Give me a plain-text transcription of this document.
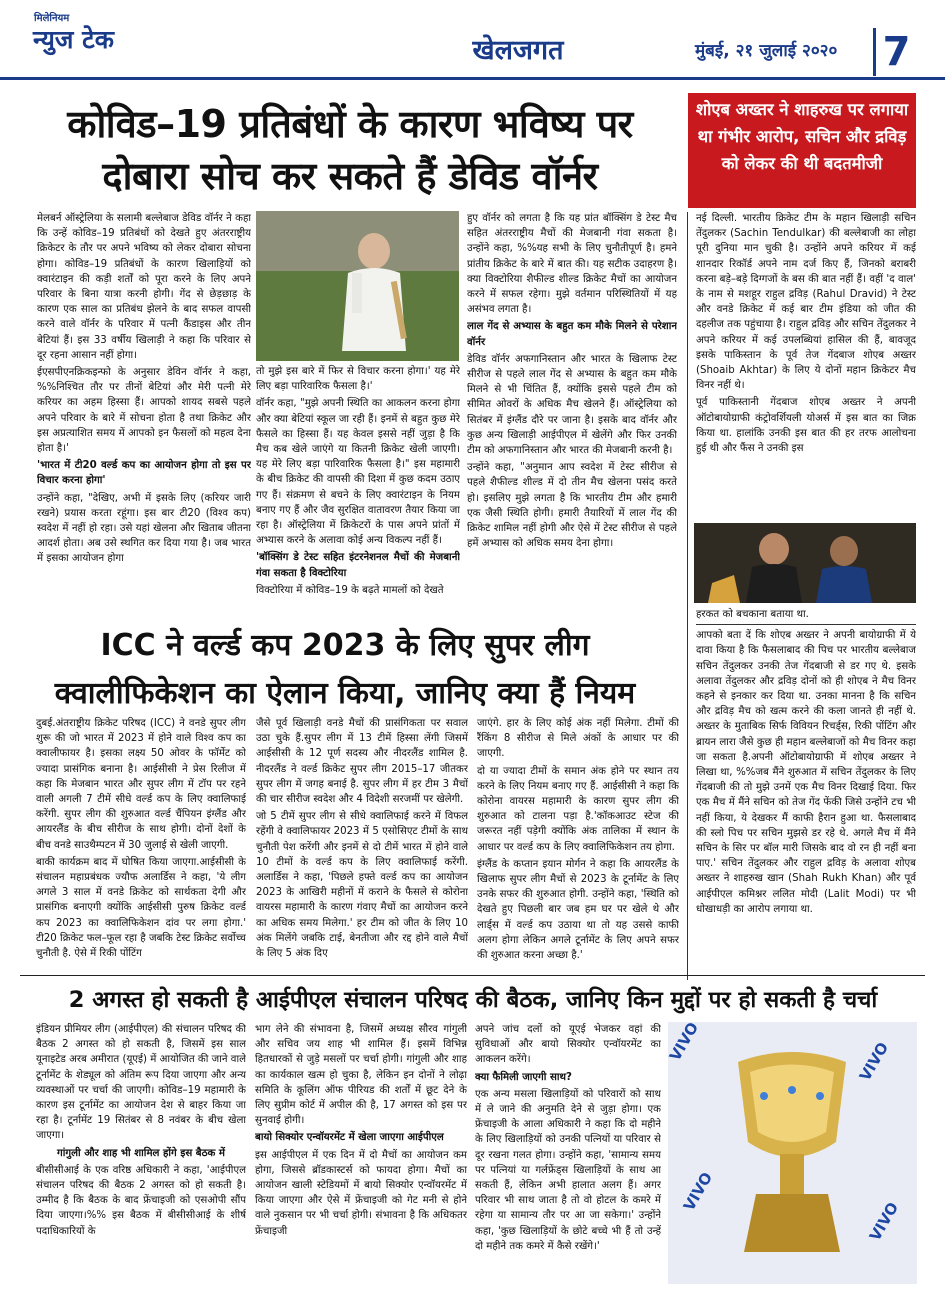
मिलेनियम
न्युज टेक	खेलजगत	मुंबई, २१ जुलाई २०२० 7
कोविड–19 प्रतिबंधों के कारण भविष्य पर
दोबारा सोच कर सकते हैं डेविड वॉर्नर
शोएब अख्तर ने शाहरुख पर लगाया था गंभीर आरोप, सचिन और द्रविड़ को लेकर की थी बदतमीजी

मेलबर्न ऑस्ट्रेलिया के सलामी बल्लेबाज डेविड वॉर्नर ने कहा कि उन्हें कोविड–19 प्रतिबंधों को देखते हुए अंतरराष्ट्रीय क्रिकेटर के तौर पर अपने भविष्य को लेकर दोबारा सोचना होगा। कोविड–19 प्रतिबंधों के कारण खिलाड़ियों को क्वारंटाइन की कड़ी शर्तों को पूरा करने के लिए अपने परिवार के बिना यात्रा करनी होगी। गेंद से छेड़छाड़ के कारण एक साल का प्रतिबंध झेलने के बाद सफल वापसी करने वाले वॉर्नर के परिवार में पत्नी कैंडाइस और तीन बेटियां हैं। इस 33 वर्षीय खिलाड़ी ने कहा कि परिवार से दूर रहना आसान नहीं होगा।

ईएसपीएनक्रिकइन्फो के अनुसार डेविन वॉर्नर ने कहा, %%निश्चित तौर पर तीनों बेटियां और मेरी पत्नी मेरे करियर का अहम हिस्सा हैं। आपको शायद सबसे पहले अपने परिवार के बारे में सोचना होता है तथा क्रिकेट और इस अप्रत्याशित समय में आपको इन फैसलों को महत्व देना होता है।'

'भारत में टी20 वर्ल्ड कप का आयोजन होगा तो इस पर विचार करना होगा'

उन्होंने कहा, "देखिए, अभी में इसके लिए (करियर जारी रखने) प्रयास करता रहूंगा। इस बार टी20 (विश्व कप) स्वदेश में नहीं हो रहा। उसे यहां खेलना और खिताब जीतना आदर्श होता। अब उसे स्थगित कर दिया गया है। जब भारत में इसका आयोजन होगा

तो मुझे इस बारे में फिर से विचार करना होगा।' यह मेरे लिए बड़ा पारिवारिक फैसला है।'

वॉर्नर कहा, "मुझे अपनी स्थिति का आकलन करना होगा और क्या बेटियां स्कूल जा रही हैं। इनमें से बहुत कुछ मेरे फैसले का हिस्सा हैं। यह केवल इससे नहीं जुड़ा है कि मैच कब खेले जाएंगे या कितनी क्रिकेट खेली जाएगी। यह मेरे लिए बड़ा पारिवारिक फैसला है।" इस महामारी के बीच क्रिकेट की वापसी की दिशा में कुछ कदम उठाए गए हैं। संक्रमण से बचने के लिए क्वारंटाइन के नियम बनाए गए हैं और जैव सुरक्षित वातावरण तैयार किया जा रहा है। ऑस्ट्रेलिया में क्रिकेटरों के पास अपने प्रांतों में अभ्यास करने के अलावा कोई अन्य विकल्प नहीं हैं।

'बॉक्सिंग डे टेस्ट सहित इंटरनेशनल मैचों की मेजबानी गंवा सकता है विक्टोरिया

विक्टोरिया में कोविड–19 के बढ़ते मामलों को देखते

हुए वॉर्नर को लगता है कि यह प्रांत बॉक्सिंग डे टेस्ट मैच सहित अंतरराष्ट्रीय मैचों की मेजबानी गंवा सकता है। उन्होंने कहा, %%यह सभी के लिए चुनौतीपूर्ण है। हमने प्रांतीय क्रिकेट के बारे में बात की। यह सटीक उदाहरण है। क्या विक्टोरिया शैफील्ड शील्ड क्रिकेट मैचों का आयोजन करने में सफल रहेगा। मुझे वर्तमान परिस्थितियों में यह असंभव लगता है।

लाल गेंद से अभ्यास के बहुत कम मौके मिलने से परेशान वॉर्नर

डेविड वॉर्नर अफगानिस्तान और भारत के खिलाफ टेस्ट सीरीज से पहले लाल गेंद से अभ्यास के बहुत कम मौके मिलने से भी चिंतित हैं, क्योंकि इससे पहले टीम को सीमित ओवरों के अधिक मैच खेलने हैं। ऑस्ट्रेलिया को सितंबर में इंग्लैंड दौरे पर जाना है। इसके बाद वॉर्नर और कुछ अन्य खिलाड़ी आईपीएल में खेलेंगे और फिर उनकी टीम को अफगानिस्तान और भारत की मेजबानी करनी है।

उन्होंने कहा, "अनुमान आप स्वदेश में टेस्ट सीरीज से पहले शैफील्ड शील्ड में दो तीन मैच खेलना पसंद करते हो। इसलिए मुझे लगता है कि भारतीय टीम और हमारी एक जैसी स्थिति होगी। हमारी तैयारियों में लाल गेंद की क्रिकेट शामिल नहीं होगी और ऐसे में टेस्ट सीरीज से पहले हमें अभ्यास को अधिक समय देना होगा।

नई दिल्ली. भारतीय क्रिकेट टीम के महान खिलाड़ी सचिन तेंदुलकर (Sachin Tendulkar) की बल्लेबाजी का लोहा पूरी दुनिया मान चुकी है। उन्होंने अपने करियर में कई शानदार रिकॉर्ड अपने नाम दर्ज किए हैं, जिनको बराबरी करना बड़े–बड़े दिग्गजों के बस की बात नहीं हैं। वहीं 'द वाल' के नाम से मशहूर राहुल द्रविड़ (Rahul Dravid) ने टेस्ट और वनडे क्रिकेट में कई बार टीम इंडिया को जीत की दहलीज तक पहुंचाया है। राहुल द्रविड़ और सचिन तेंदुलकर ने अपने करियर में कई उपलब्धियां हासिल की हैं, बावजूद इसके पाकिस्तान के पूर्व तेज गेंदबाज शोएब अख्तर (Shoaib Akhtar) के लिए ये दोनों महान क्रिकेटर मैच विनर नहीं थे।

पूर्व पाकिस्तानी गेंदबाज शोएब अख्तर ने अपनी ऑटोबायोग्राफी कंट्रोवर्शियली योअर्स में इस बात का जिक्र किया था. हालांकि उनकी इस बात की हर तरफ आलोचना हुई थी और फैंस ने उनकी इस

हरकत को बचकाना बताया था.

आपको बता दें कि शोएब अख्तर ने अपनी बायोग्राफी में ये दावा किया है कि फैसलाबाद की पिच पर भारतीय बल्लेबाज सचिन तेंदुलकर उनकी तेज गेंदबाजी से डर गए थे. इसके अलावा तेंदुलकर और द्रविड़ दोनों को ही शोएब ने मैच विनर कहने से इनकार कर दिया था. उनका मानना है कि सचिन और द्रविड़ मैच को खत्म करने की कला जानते ही नहीं थे. अख्तर के मुताबिक सिर्फ विवियन रिचर्ड्स, रिकी पोंटिंग और ब्रायन लारा जैसे कुछ ही महान बल्लेबाजों को मैच विनर कहा जा सकता है.अपनी ऑटोबायोग्राफी में शोएब अख्तर ने लिखा था, %%जब मैंने शुरुआत में सचिन तेंदुलकर के लिए गेंदबाजी की तो मुझे उनमें एक मैच विनर दिखाई दिया. फिर एक मैच में मैंने सचिन को तेज गेंद फेंकी जिसे उन्होंने टच भी नहीं किया, ये देखकर मैं काफी हैरान हुआ था. फैसलाबाद की स्लो पिच पर सचिन मुझसे डर रहे थे. अगले मैच में मैंने सचिन के सिर पर बॉल मारी जिसके बाद वो रन ही नहीं बना पाए.' सचिन तेंदुलकर और राहुल द्रविड़ के अलावा शोएब अख्तर ने शाहरुख खान (Shah Rukh Khan) और पूर्व आईपीएल कमिश्नर ललित मोदी (Lalit Modi) पर भी धोखाधड़ी का आरोप लगाया था.

ICC ने वर्ल्ड कप 2023 के लिए सुपर लीग
क्वालीफिकेशन का ऐलान किया, जानिए क्या हैं नियम

दुबई.अंतराष्ट्रीय क्रिकेट परिषद (ICC) ने वनडे सुपर लीग शुरू की जो भारत में 2023 में होने वाले विश्व कप का क्वालीफायर है। इसका लक्ष्य 50 ओवर के फॉर्मेट को ज्यादा प्रासंगिक बनाना है। आईसीसी ने प्रेस रिलीज में कहा कि मेजबान भारत और सुपर लीग में टॉप पर रहने वाली अगली 7 टीमें सीधे वर्ल्ड कप के लिए क्वालिफाई करेंगी. सुपर लीग की शुरुआत वर्ल्ड चैंपियन इंग्लैंड और आयरलैंड के बीच सीरीज के साथ होगी। दोनों देशों के बीच वनडे साउथैम्पटन में 30 जुलाई से खेली जाएगी.

बाकी कार्यक्रम बाद में घोषित किया जाएगा.आईसीसी के संचालन महाप्रबंधक ज्यौफ अलार्डिस ने कहा, 'ये लीग अगले 3 साल में वनडे क्रिकेट को सार्थकता देगी और प्रासंगिक बनाएगी क्योंकि आईसीसी पुरुष क्रिकेट वर्ल्ड कप 2023 का क्वालिफिकेशन दांव पर लगा होगा.' टी20 क्रिकेट फल–फूल रहा है जबकि टेस्ट क्रिकेट सर्वोच्च चुनौती है. ऐसे में रिकी पोंटिंग

जैसे पूर्व खिलाड़ी वनडे मैचों की प्रासंगिकता पर सवाल उठा चुके हैं.सुपर लीग में 13 टीमें हिस्सा लेंगी जिसमें आईसीसी के 12 पूर्ण सदस्य और नीदरलैंड शामिल है. नीदरलैंड ने वर्ल्ड क्रिकेट सुपर लीग 2015–17 जीतकर सुपर लीग में जगह बनाई है. सुपर लीग में हर टीम 3 मैचों की चार सीरीज स्वदेश और 4 विदेशी सरजमीं पर खेलेगी.

जो 5 टीमें सुपर लीग से सीधे क्वालिफाई करने में विफल रहेंगी वे क्वालिफायर 2023 में 5 एसोसिएट टीमों के साथ चुनौती पेश करेंगी और इनमें से दो टीमें भारत में होने वाले 10 टीमों के वर्ल्ड कप के लिए क्वालिफाई करेंगी. अलार्डिस ने कहा, 'पिछले हफ्ते वर्ल्ड कप का आयोजन 2023 के आखिरी महीनों में कराने के फैसले से कोरोना वायरस महामारी के कारण गंवाए मैचों का आयोजन करने का अधिक समय मिलेगा.' हर टीम को जीत के लिए 10 अंक मिलेंगे जबकि टाई, बेनतीजा और रद्द होने वाले मैचों के लिए 5 अंक दिए

जाएंगे. हार के लिए कोई अंक नहीं मिलेगा. टीमों की रैंकिंग 8 सीरीज से मिले अंकों के आधार पर की जाएगी.

दो या ज्यादा टीमों के समान अंक होने पर स्थान तय करने के लिए नियम बनाए गए हैं. आईसीसी ने कहा कि कोरोना वायरस महामारी के कारण सुपर लीग की शुरुआत को टालना पड़ा है.'कॉकआउट स्टेज की जरूरत नहीं पड़ेगी क्योंकि अंक तालिका में स्थान के आधार पर वर्ल्ड कप के लिए क्वालिफिकेशन तय होगा.

इंग्लैंड के कप्तान इयान मोर्गन ने कहा कि आयरलैंड के खिलाफ सुपर लीग मैचों से 2023 के टूर्नामेंट के लिए उनके सफर की शुरुआत होगी. उन्होंने कहा, 'स्थिति को देखते हुए पिछली बार जब हम घर पर खेले थे और लार्ड्स में वर्ल्ड कप उठाया था तो यह उससे काफी अलग होगा लेकिन अगले टूर्नामेंट के लिए अपने सफर की शुरुआत करना अच्छा है.'

2 अगस्त हो सकती है आईपीएल संचालन परिषद की बैठक, जानिए किन मुद्दों पर हो सकती है चर्चा

इंडियन प्रीमियर लीग (आईपीएल) की संचालन परिषद की बैठक 2 अगस्त को हो सकती है, जिसमें इस साल यूनाइटेड अरब अमीरात (यूएई) में आयोजित की जाने वाले टूर्नामेंट के शेड्यूल को अंतिम रूप दिया जाएगा और अन्य व्यवस्थाओं पर चर्चा की जाएगी। कोविड–19 महामारी के कारण इस टूर्नामेंट का आयोजन देश से बाहर किया जा रहा है। टूर्नामेंट 19 सितंबर से 8 नवंबर के बीच खेला जाएगा।

गांगुली और शाह भी शामिल होंगे इस बैठक में

बीसीसीआई के एक वरिष्ठ अधिकारी ने कहा, 'आईपीएल संचालन परिषद की बैठक 2 अगस्त को हो सकती है। उम्मीद है कि बैठक के बाद फ्रेंचाइजी को एसओपी सौंप दिया जाएगा।%% इस बैठक में बीसीसीआई के शीर्ष पदाधिकारियों के

भाग लेने की संभावना है, जिसमें अध्यक्ष सौरव गांगुली और सचिव जय शाह भी शामिल हैं। इसमें विभिन्न हितधारकों से जुड़े मसलों पर चर्चा होगी। गांगुली और शाह का कार्यकाल खत्म हो चुका है, लेकिन इन दोनों ने लोढ़ा समिति के कूलिंग ऑफ पीरियड की शर्तों में छूट देने के लिए सुप्रीम कोर्ट में अपील की है, 17 अगस्त को इस पर सुनवाई होगी।

बायो सिक्योर एन्वॉयरमेंट में खेला जाएगा आईपीएल

इस आईपीएल में एक दिन में दो मैचों का आयोजन कम होगा, जिससे ब्रॉडकास्टर्स को फायदा होगा। मैचों का आयोजन खाली स्टेडियमों में बायो सिक्योर एन्वॉयरमेंट में किया जाएगा और ऐसे में फ्रेंचाइजी को गेट मनी से होने वाले नुकसान पर भी चर्चा होगी। संभावना है कि अधिकतर फ्रेंचाइजी

अपने जांच दलों को यूएई भेजकर वहां की सुविधाओं और बायो सिक्योर एन्वॉयरमेंट का आकलन करेंगे।

क्या फैमिली जाएगी साथ?

एक अन्य मसला खिलाड़ियों को परिवारों को साथ में ले जाने की अनुमति देने से जुड़ा होगा। एक फ्रेंचाइजी के आला अधिकारी ने कहा कि दो महीने के लिए खिलाड़ियों को उनकी पत्नियों या परिवार से दूर रखना गलत होगा। उन्होंने कहा, 'सामान्य समय पर पत्नियां या गर्लफ्रेंड्स खिलाड़ियों के साथ आ सकती हैं, लेकिन अभी हालात अलग हैं। अगर परिवार भी साथ जाता है तो वो होटल के कमरे में रहेगा या सामान्य तौर पर आ जा सकेगा।' उन्होंने कहा, 'कुछ खिलाड़ियों के छोटे बच्चे भी हैं तो उन्हें दो महीने तक कमरे में कैसे रखेंगे।'

VIVO
VIVO
VIVO
VIVO
